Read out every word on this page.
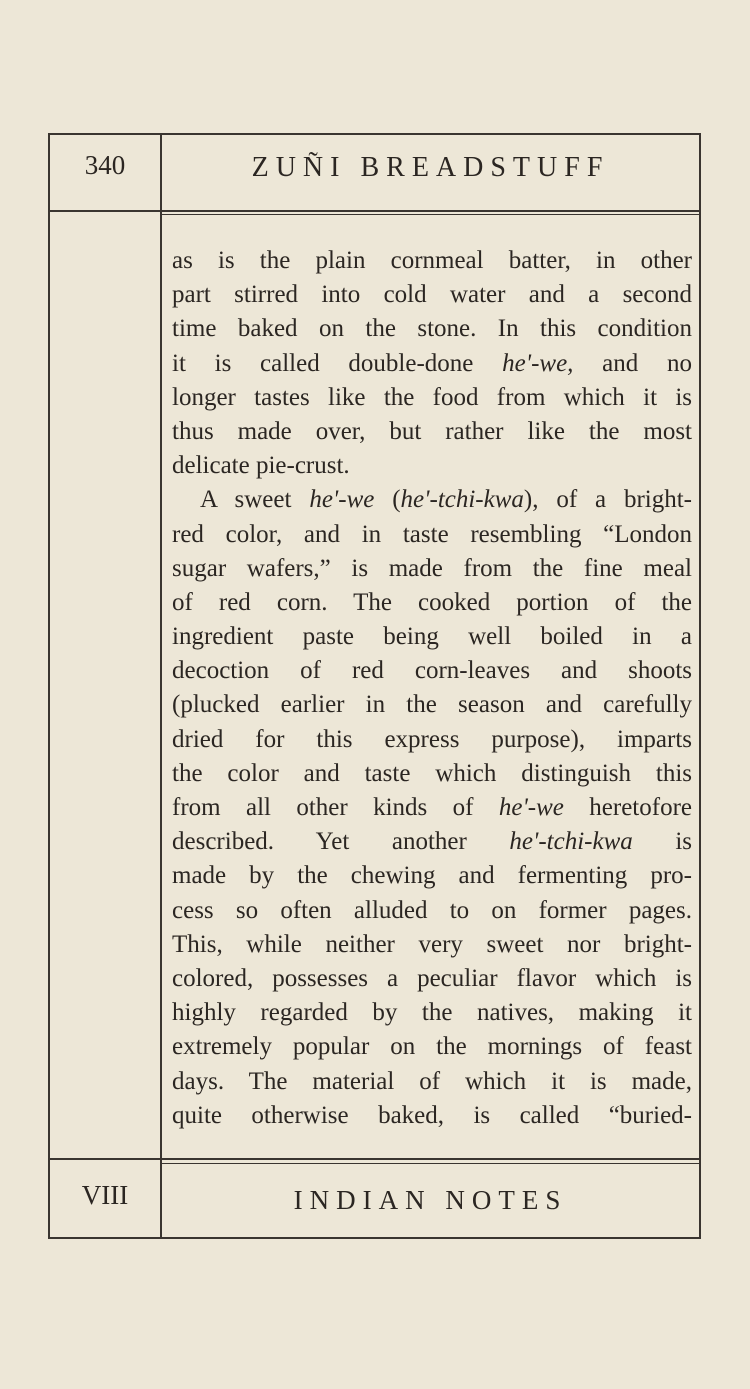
340	ZUÑI BREADSTUFF
as is the plain cornmeal batter, in other
part stirred into cold water and a second
time baked on the stone. In this condition
it is called double-done he'-we, and no
longer tastes like the food from which it is
thus made over, but rather like the most
delicate pie-crust.
A sweet he'-we (he'-tchi-kwa), of a bright-
red color, and in taste resembling “London
sugar wafers,” is made from the fine meal
of red corn. The cooked portion of the
ingredient paste being well boiled in a
decoction of red corn-leaves and shoots
(plucked earlier in the season and carefully
dried for this express purpose), imparts
the color and taste which distinguish this
from all other kinds of he'-we heretofore
described. Yet another he'-tchi-kwa is
made by the chewing and fermenting pro-
cess so often alluded to on former pages.
This, while neither very sweet nor bright-
colored, possesses a peculiar flavor which is
highly regarded by the natives, making it
extremely popular on the mornings of feast
days. The material of which it is made,
quite otherwise baked, is called “buried-
VIII	INDIAN NOTES
